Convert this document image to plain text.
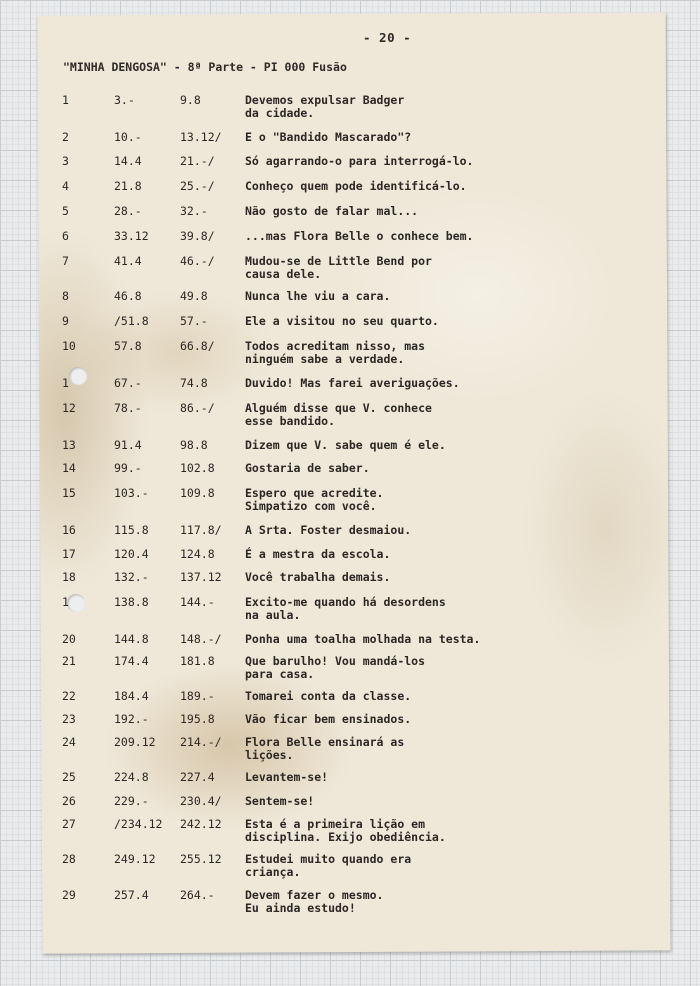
- 20 -
"MINHA DENGOSA" - 8ª Parte - PI 000 Fusão
1	3.-	9.8	Devemos expulsar Badger
da cidade.
2	10.-	13.12/ E o "Bandido Mascarado"?
3	14.4	21.-/	Só agarrando-o para interrogá-lo.
4	21.8	25.-/	Conheço quem pode identificá-lo.
5	28.-	32.-	Não gosto de falar mal...
6	33.12	39.8/	...mas Flora Belle o conhece bem.
7	41.4	46.-/	Mudou-se de Little Bend por
causa dele.
8	46.8	49.8	Nunca lhe viu a cara.
9	/51.8	57.-	Ele a visitou no seu quarto.
10	57.8	66.8/	Todos acreditam nisso, mas
ninguém sabe a verdade.
1	67.-	74.8	Duvido! Mas farei averiguações.
12	78.-	86.-/	Alguém disse que V. conhece
esse bandido.
13	91.4	98.8	Dizem que V. sabe quem é ele.
14	99.-	102.8	Gostaria de saber.
15	103.-	109.8	Espero que acredite.
Simpatizo com você.
16	115.8	117.8/ A Srta. Foster desmaiou.
17	120.4	124.8	É a mestra da escola.
18	132.-	137.12 Você trabalha demais.
1	138.8	144.-	Excito-me quando há desordens
na aula.
20	144.8	148.-/ Ponha uma toalha molhada na testa.
21	174.4	181.8	Que barulho! Vou mandá-los
para casa.
22	184.4	189.-	Tomarei conta da classe.
23	192.-	195.8	Vão ficar bem ensinados.
24	209.12 214.-/ Flora Belle ensinará as
lições.
25	224.8	227.4	Levantem-se!
26	229.-	230.4/ Sentem-se!
27	/234.12 242.12 Esta é a primeira lição em
disciplina. Exijo obediência.
28	249.12 255.12 Estudei muito quando era
criança.
29	257.4	264.-	Devem fazer o mesmo.
Eu ainda estudo!
